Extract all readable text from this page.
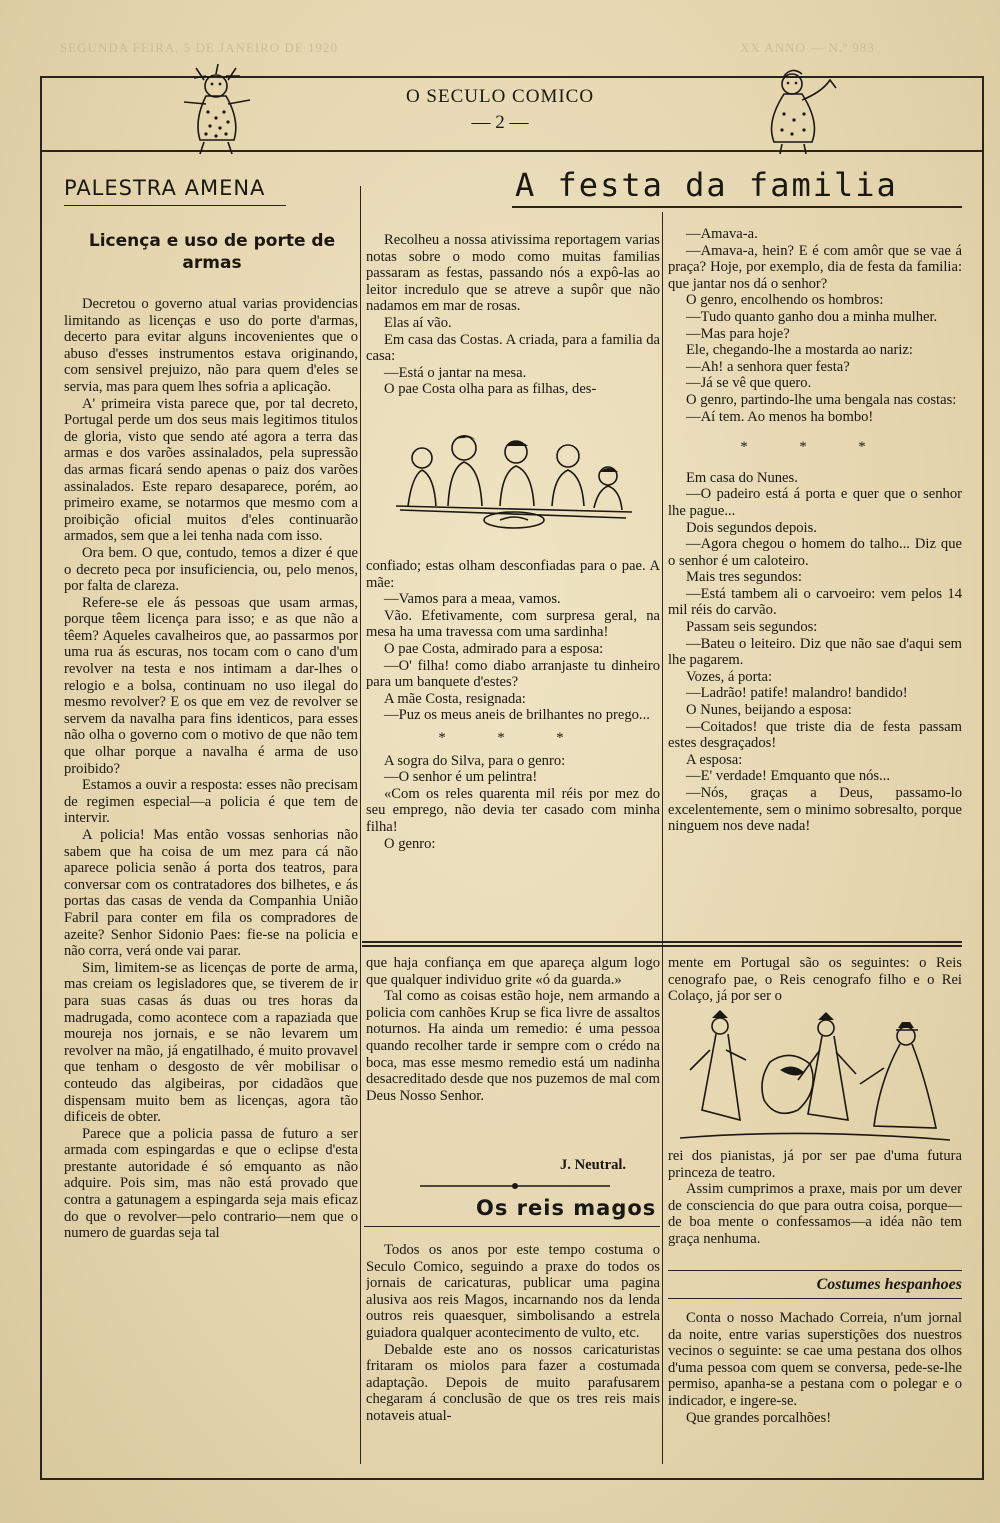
SEGUNDA FEIRA, 5 DE JANEIRO DE 1920	XX ANNO — N.º 983
O SECULO COMICO
— 2 —
PALESTRA AMENA
Licença e uso de porte de armas

Decretou o governo atual varias providencias limitando as licenças e uso do porte d'armas, decerto para evitar alguns incovenientes que o abuso d'esses instrumentos estava originando, com sensivel prejuizo, não para quem d'eles se servia, mas para quem lhes sofria a aplicação.

A' primeira vista parece que, por tal decreto, Portugal perde um dos seus mais legitimos titulos de gloria, visto que sendo até agora a terra das armas e dos varões assinalados, pela supressão das armas ficará sendo apenas o paiz dos varões assinalados. Este reparo desaparece, porém, ao primeiro exame, se notarmos que mesmo com a proibição oficial muitos d'eles continuarão armados, sem que a lei tenha nada com isso.

Ora bem. O que, contudo, temos a dizer é que o decreto peca por insuficiencia, ou, pelo menos, por falta de clareza.

Refere-se ele ás pessoas que usam armas, porque têem licença para isso; e as que não a têem? Aqueles cavalheiros que, ao passarmos por uma rua ás escuras, nos tocam com o cano d'um revolver na testa e nos intimam a dar-lhes o relogio e a bolsa, continuam no uso ilegal do mesmo revolver? E os que em vez de revolver se servem da navalha para fins identicos, para esses não olha o governo com o motivo de que não tem que olhar porque a navalha é arma de uso proibido?

Estamos a ouvir a resposta: esses não precisam de regimen especial—a policia é que tem de intervir.

A policia! Mas então vossas senhorias não sabem que ha coisa de um mez para cá não aparece policia senão á porta dos teatros, para conversar com os contratadores dos bilhetes, e ás portas das casas de venda da Companhia União Fabril para conter em fila os compradores de azeite? Senhor Sidonio Paes: fie-se na policia e não corra, verá onde vai parar.

Sim, limitem-se as licenças de porte de arma, mas creiam os legisladores que, se tiverem de ir para suas casas ás duas ou tres horas da madrugada, como acontece com a rapaziada que moureja nos jornais, e se não levarem um revolver na mão, já engatilhado, é muito provavel que tenham o desgosto de vêr mobilisar o conteudo das algibeiras, por cidadãos que dispensam muito bem as licenças, agora tão dificeis de obter.

Parece que a policia passa de futuro a ser armada com espingardas e que o eclipse d'esta prestante autoridade é só emquanto as não adquire. Pois sim, mas não está provado que contra a gatunagem a espingarda seja mais eficaz do que o revolver—pelo contrario—nem que o numero de guardas seja tal

A festa da familia

Recolheu a nossa ativissima reportagem varias notas sobre o modo como muitas familias passaram as festas, passando nós a expô-las ao leitor incredulo que se atreve a supôr que não nadamos em mar de rosas.

Elas aí vão.

Em casa das Costas. A criada, para a familia da casa:

—Está o jantar na mesa.

O pae Costa olha para as filhas, des-

confiado; estas olham desconfiadas para o pae. A mãe:

—Vamos para a meaa, vamos.

Vão. Efetivamente, com surpresa geral, na mesa ha uma travessa com uma sardinha!

O pae Costa, admirado para a esposa:

—O' filha! como diabo arranjaste tu dinheiro para um banquete d'estes?

A mãe Costa, resignada:

—Puz os meus aneis de brilhantes no prego...

* * *

A sogra do Silva, para o genro:

—O senhor é um pelintra!

«Com os reles quarenta mil réis por mez do seu emprego, não devia ter casado com minha filha!

O genro:

—Amava-a.

—Amava-a, hein? E é com amôr que se vae á praça? Hoje, por exemplo, dia de festa da familia: que jantar nos dá o senhor?

O genro, encolhendo os hombros:

—Tudo quanto ganho dou a minha mulher.

—Mas para hoje?

Ele, chegando-lhe a mostarda ao nariz:

—Ah! a senhora quer festa?

—Já se vê que quero.

O genro, partindo-lhe uma bengala nas costas:

—Aí tem. Ao menos ha bombo!

* * *

Em casa do Nunes.

—O padeiro está á porta e quer que o senhor lhe pague...

Dois segundos depois.

—Agora chegou o homem do talho... Diz que o senhor é um caloteiro.

Mais tres segundos:

—Está tambem ali o carvoeiro: vem pelos 14 mil réis do carvão.

Passam seis segundos:

—Bateu o leiteiro. Diz que não sae d'aqui sem lhe pagarem.

Vozes, á porta:

—Ladrão! patife! malandro! bandido!

O Nunes, beijando a esposa:

—Coitados! que triste dia de festa passam estes desgraçados!

A esposa:

—E' verdade! Emquanto que nós...

—Nós, graças a Deus, passamo-lo excelentemente, sem o minimo sobresalto, porque ninguem nos deve nada!

que haja confiança em que apareça algum logo que qualquer individuo grite «ó da guarda.»

Tal como as coisas estão hoje, nem armando a policia com canhões Krup se fica livre de assaltos noturnos. Ha ainda um remedio: é uma pessoa quando recolher tarde ir sempre com o crédo na boca, mas esse mesmo remedio está um nadinha desacreditado desde que nos puzemos de mal com Deus Nosso Senhor.

J. Neutral.
Os reis magos

Todos os anos por este tempo costuma o Seculo Comico, seguindo a praxe do todos os jornais de caricaturas, publicar uma pagina alusiva aos reis Magos, incarnando nos da lenda outros reis quaesquer, simbolisando a estrela guiadora qualquer acontecimento de vulto, etc.

Debalde este ano os nossos caricaturistas fritaram os miolos para fazer a costumada adaptação. Depois de muito parafusarem chegaram á conclusão de que os tres reis mais notaveis atual-

mente em Portugal são os seguintes: o Reis cenografo pae, o Reis cenografo filho e o Rei Colaço, já por ser o

rei dos pianistas, já por ser pae d'uma futura princeza de teatro.

Assim cumprimos a praxe, mais por um dever de consciencia do que para outra coisa, porque—de boa mente o confessamos—a idéa não tem graça nenhuma.

Costumes hespanhoes

Conta o nosso Machado Correia, n'um jornal da noite, entre varias superstições dos nuestros vecinos o seguinte: se cae uma pestana dos olhos d'uma pessoa com quem se conversa, pede-se-lhe permiso, apanha-se a pestana com o polegar e o indicador, e ingere-se.

Que grandes porcalhões!
